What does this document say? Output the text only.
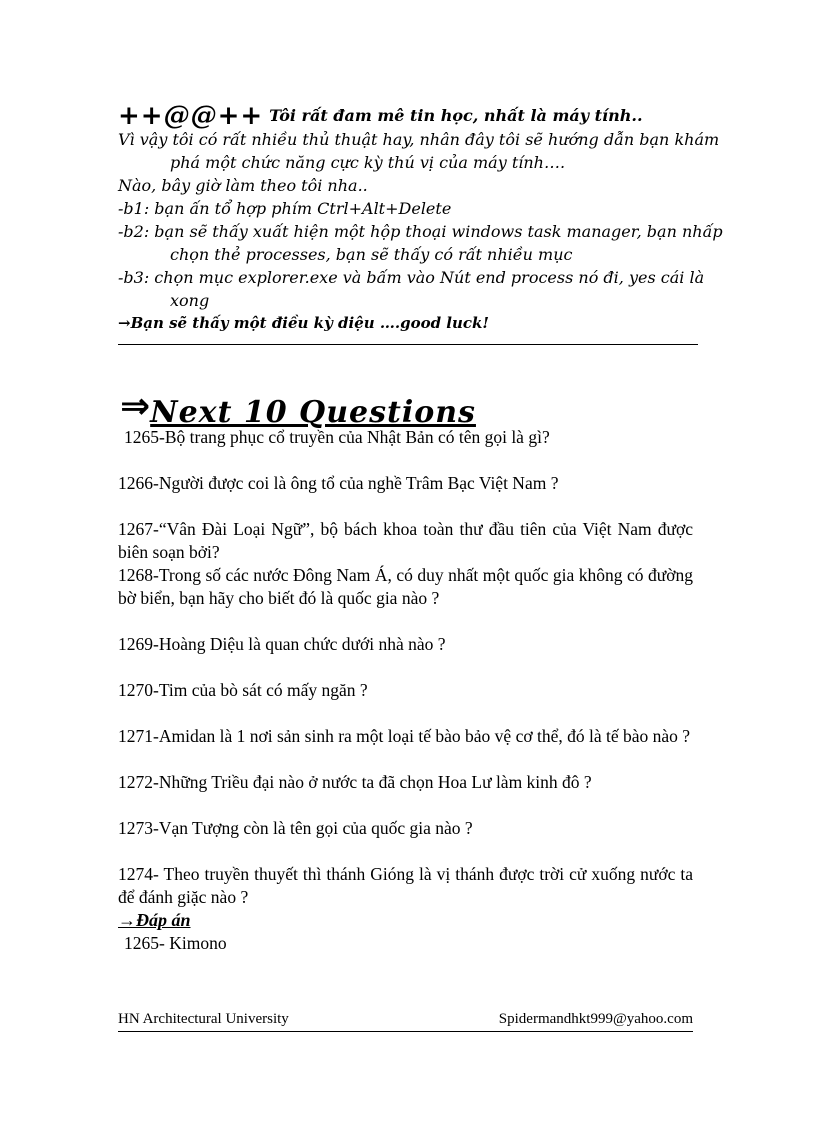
++@@++ Tôi rất đam mê tin học, nhất là máy tính..
Vì vậy tôi có rất nhiều thủ thuật hay, nhân đây tôi sẽ hướng dẫn bạn khám
phá một chức năng cực kỳ thú vị của máy tính….
Nào, bây giờ làm theo tôi nha..
-b1: bạn ấn tổ hợp phím Ctrl+Alt+Delete
-b2: bạn sẽ thấy xuất hiện một hộp thoại windows task manager, bạn nhấp
chọn thẻ processes, bạn sẽ thấy có rất nhiều mục
-b3: chọn mục explorer.exe và bấm vào Nút end process nó đi, yes cái là
xong
→Bạn sẽ thấy một điều kỳ diệu ….good luck!
⇒Next 10 Questions

1265-Bộ trang phục cổ truyền của Nhật Bản có tên gọi là gì?

1266-Người được coi là ông tổ của nghề Trâm Bạc Việt Nam ?

1267-“Vân Đài Loại Ngữ”, bộ bách khoa toàn thư đầu tiên của Việt Nam được biên soạn bởi?

1268-Trong số các nước Đông Nam Á, có duy nhất một quốc gia không có đường bờ biển, bạn hãy cho biết đó là quốc gia nào ?

1269-Hoàng Diệu là quan chức dưới nhà nào ?

1270-Tim của bò sát có mấy ngăn ?

1271-Amidan là 1 nơi sản sinh ra một loại tế bào bảo vệ cơ thể, đó là tế bào nào ?

1272-Những Triều đại nào ở nước ta đã chọn Hoa Lư làm kinh đô ?

1273-Vạn Tượng còn là tên gọi của quốc gia nào ?

1274- Theo truyền thuyết thì thánh Gióng là vị thánh được trời cử xuống nước ta để đánh giặc nào ?

→Đáp án

1265- Kimono

HN Architectural University	Spidermandhkt999@yahoo.com
